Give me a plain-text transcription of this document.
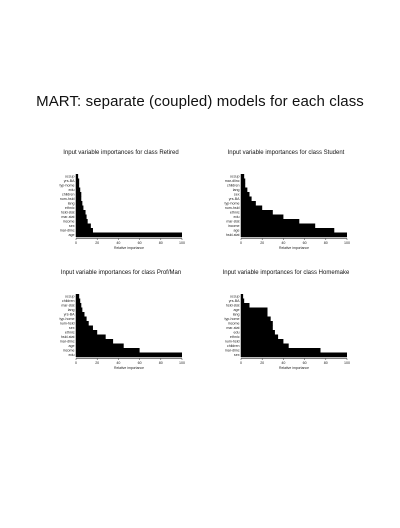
MART: separate (coupled) models for each class
Input variable importances for class Retired
occup
yrs-BA
typ-home
edu
children
num-hsld
lang
ethnic
hsld-stat
mar-stat
income
sex
mar-dlinc
age
0	20	40	60	80	100
Relative importance
Input variable importances for class Student
occup
mar-dlinc
children
lang
sex
yrs-BA
typ-home
num-hsld
ethnic
edu
mar-stat
income
age
hsld-stat
0	20	40	60	80	100
Relative importance
Input variable importances for class Prof/Man
occup
children
mar-stat
lang
yrs-BA
typ-home
num-hsld
sex
ethnic
hsld-stat
mar-dlinc
age
income
edu
0	20	40	60	80	100
Relative importance
Input variable importances for class Homemake
occup
yrs-BA
hsld-stat
age
lang
typ-home
income
mar-stat
edu
ethnic
num-hsld
children
mar-dlinc
sex
0	20	40	60	80	100
Relative importance
